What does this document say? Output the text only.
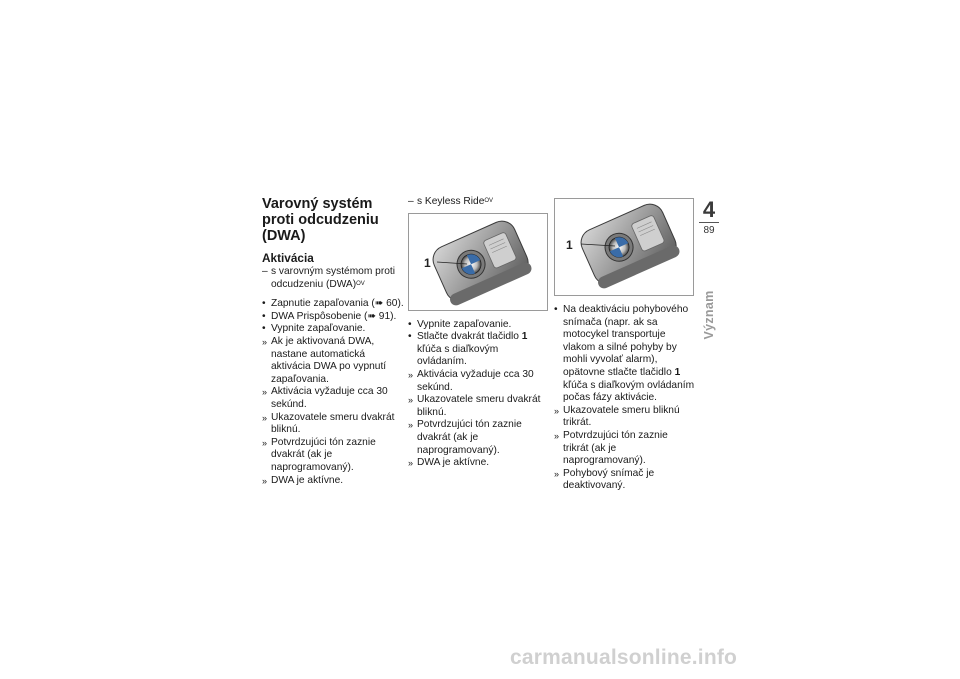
Varovný systém proti odcudzeniu (DWA)
Aktivácia
– s varovným systémom proti odcudzeniu (DWA)$^{OV}$
• Zapnutie zapaľovania (➠ 60).
• DWA Prispôsobenie (➠ 91).
• Vypnite zapaľovanie.
» Ak je aktivovaná DWA, nastane automatická aktivácia DWA po vypnutí zapaľovania.
» Aktivácia vyžaduje cca 30 sekúnd.
» Ukazovatele smeru dvakrát bliknú.
» Potvrdzujúci tón zaznie dvakrát (ak je naprogramovaný).
» DWA je aktívne.
– s Keyless Ride$^{OV}$
1
• Vypnite zapaľovanie.
• Stlačte dvakrát tlačidlo 1 kľúča s diaľkovým ovládaním.
» Aktivácia vyžaduje cca 30 sekúnd.
» Ukazovatele smeru dvakrát bliknú.
» Potvrdzujúci tón zaznie dvakrát (ak je naprogramovaný).
» DWA je aktívne.
1
• Na deaktiváciu pohybového snímača (napr. ak sa motocykel transportuje vlakom a silné pohyby by mohli vyvolať alarm), opätovne stlačte tlačidlo 1 kľúča s diaľkovým ovládaním počas fázy aktivácie.
» Ukazovatele smeru bliknú trikrát.
» Potvrdzujúci tón zaznie trikrát (ak je naprogramovaný).
» Pohybový snímač je deaktivovaný.
4
89
Význam
carmanualsonline.info
